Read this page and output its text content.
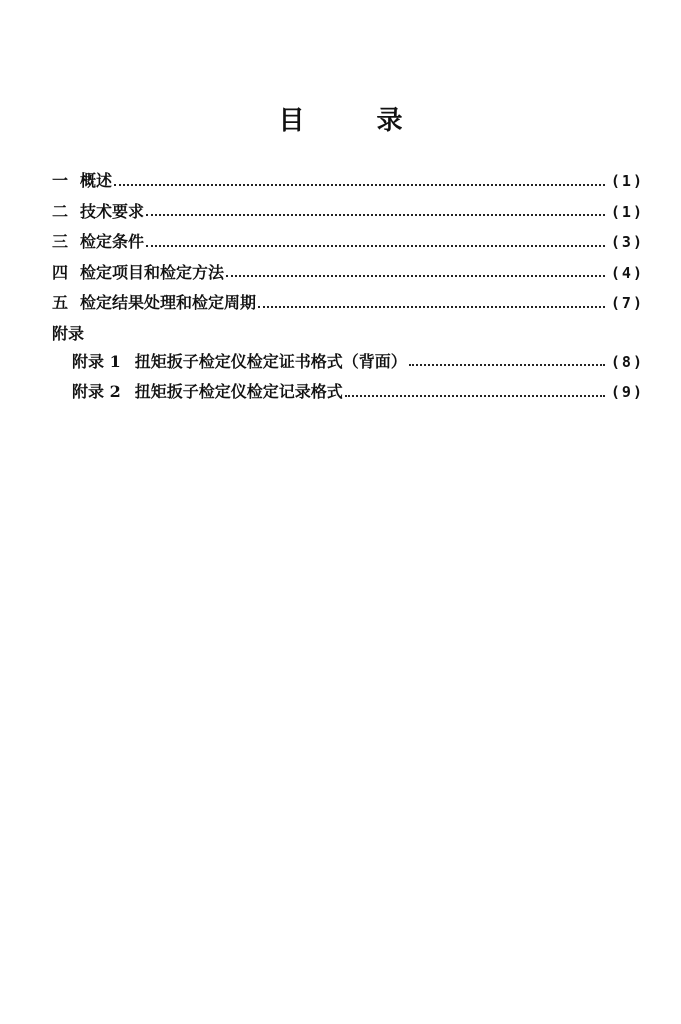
目	录
一 概述	(1)
二 技术要求	(1)
三 检定条件	(3)
四 检定项目和检定方法	(4)
五 检定结果处理和检定周期	(7)
附录
附录 1 扭矩扳子检定仪检定证书格式（背面）	(8)
附录 2 扭矩扳子检定仪检定记录格式	(9)
